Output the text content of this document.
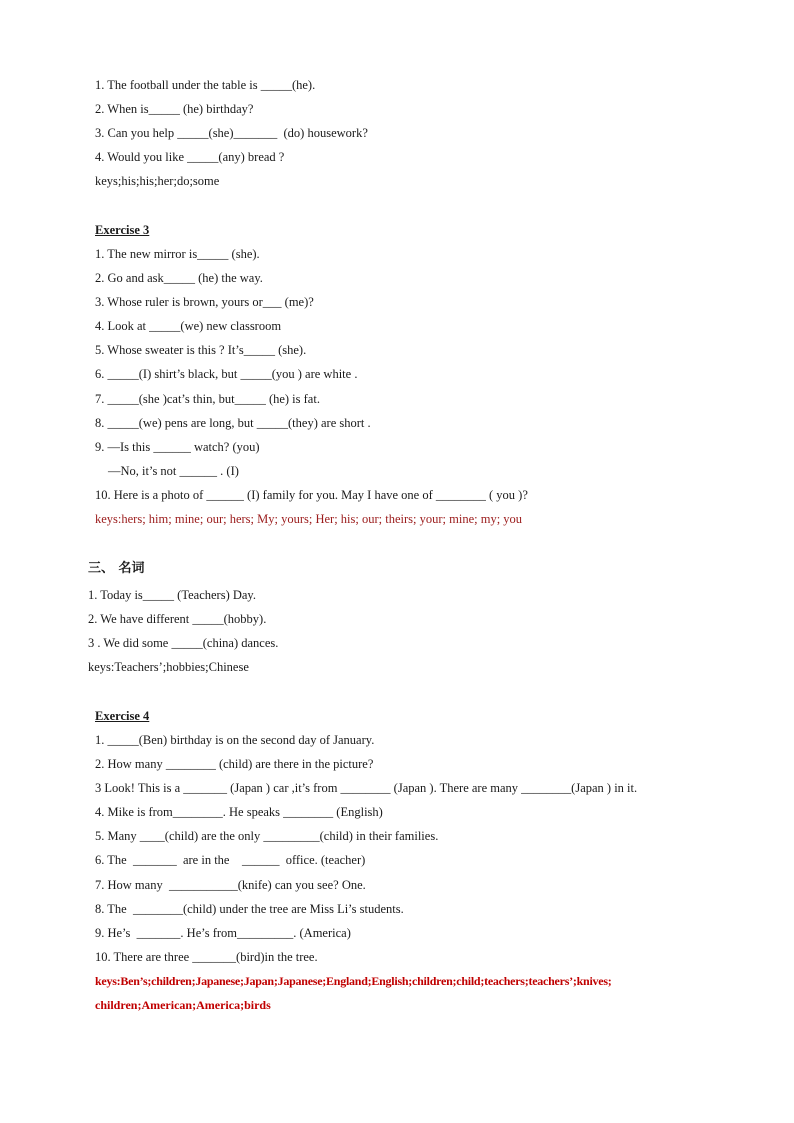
1. The football under the table is _____(he).
2. When is_____ (he) birthday?
3. Can you help _____(she)_______  (do) housework?
4. Would you like _____(any) bread ?
keys;his;his;her;do;some
Exercise 3
1. The new mirror is_____ (she).
2. Go and ask_____ (he) the way.
3. Whose ruler is brown, yours or___ (me)?
4. Look at _____(we) new classroom
5. Whose sweater is this ? It’s_____ (she).
6. _____(I) shirt’s black, but _____(you ) are white .
7. _____(she )cat’s thin, but_____ (he) is fat.
8. _____(we) pens are long, but _____(they) are short .
9. —Is this ______ watch? (you)
—No, it’s not ______ . (I)
10. Here is a photo of ______ (I) family for you. May I have one of ________ ( you )?
keys:hers; him; mine; our; hers; My; yours; Her; his; our; theirs; your; mine; my; you
三、 名词
1. Today is_____ (Teachers) Day.
2. We have different _____(hobby).
3 . We did some _____(china) dances.
keys:Teachers’;hobbies;Chinese
Exercise 4
1. _____(Ben) birthday is on the second day of January.
2. How many ________ (child) are there in the picture?
3 Look! This is a _______ (Japan ) car ,it’s from ________ (Japan ). There are many ________(Japan ) in it.
4. Mike is from________. He speaks ________ (English)
5. Many ____(child) are the only _________(child) in their families.
6. The  _______  are in the    ______  office. (teacher)
7. How many  ___________(knife) can you see? One.
8. The  ________(child) under the tree are Miss Li’s students.
9. He’s  _______. He’s from_________. (America)
10. There are three _______(bird)in the tree.
keys:Ben’s;children;Japanese;Japan;Japanese;England;English;children;child;teachers;teachers’;knives;
children;American;America;birds
